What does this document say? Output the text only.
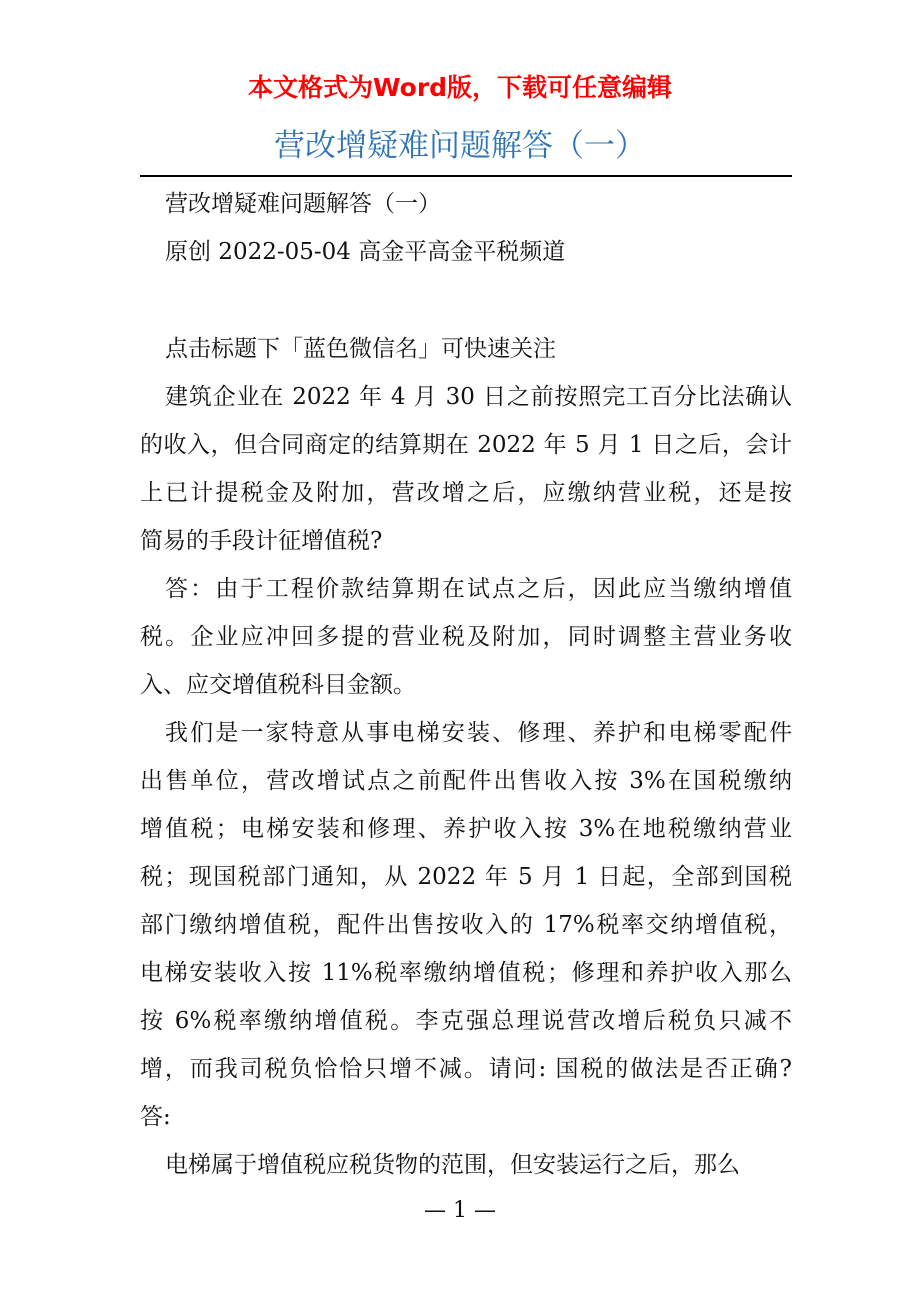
本文格式为Word版，下载可任意编辑
营改增疑难问题解答（一）
营改增疑难问题解答（一）
原创 2022-05-04 高金平高金平税频道
点击标题下「蓝色微信名」可快速关注
建筑企业在 2022 年 4 月 30 日之前按照完工百分比法确认
的收入，但合同商定的结算期在 2022 年 5 月 1 日之后，会计
上已计提税金及附加，营改增之后，应缴纳营业税，还是按
简易的手段计征增值税?
答：由于工程价款结算期在试点之后，因此应当缴纳增值
税。企业应冲回多提的营业税及附加，同时调整主营业务收
入、应交增值税科目金额。
我们是一家特意从事电梯安装、修理、养护和电梯零配件
出售单位，营改增试点之前配件出售收入按 3%在国税缴纳
增值税；电梯安装和修理、养护收入按 3%在地税缴纳营业
税；现国税部门通知，从 2022 年 5 月 1 日起，全部到国税
部门缴纳增值税，配件出售按收入的 17%税率交纳增值税，
电梯安装收入按 11%税率缴纳增值税；修理和养护收入那么
按 6%税率缴纳增值税。李克强总理说营改增后税负只减不
增，而我司税负恰恰只增不减。请问: 国税的做法是否正确?
答:
电梯属于增值税应税货物的范围，但安装运行之后，那么
— 1 —
